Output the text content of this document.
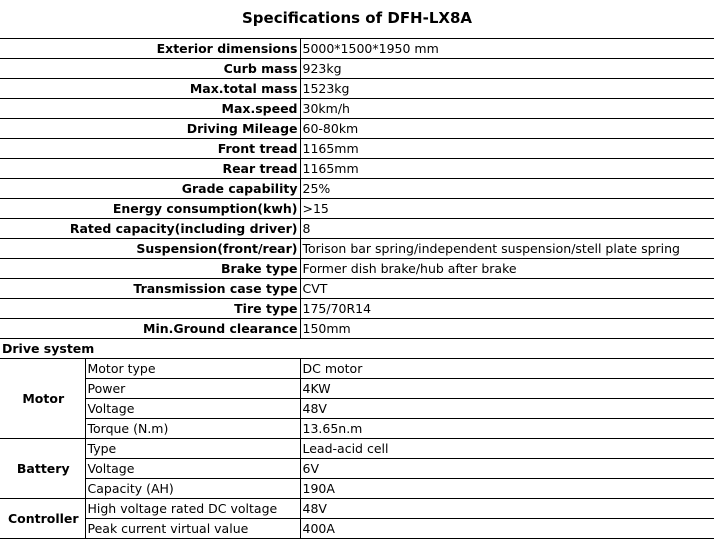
Specifications of DFH-LX8A
Exterior dimensions		5000*1500*1950 mm
Curb mass		923kg
Max.total mass		1523kg
Max.speed		30km/h
Driving Mileage		60-80km
Front tread		1165mm
Rear tread		1165mm
Grade capability		25%
Energy consumption(kwh)		>15
Rated capacity(including driver)		8
Suspension(front/rear)		Torison bar spring/independent suspension/stell plate spring
Brake type		Former dish brake/hub after brake
Transmission case type		CVT
Tire type		175/70R14
Min.Ground clearance		150mm
Drive system		
Motor	Motor type	DC motor
	Power	4KW
	Voltage	48V
	Torque (N.m)	13.65n.m
Battery	Type	Lead-acid cell
	Voltage	6V
	Capacity (AH)	190A
Controller	High voltage rated DC voltage	48V
	Peak current virtual value	400A
